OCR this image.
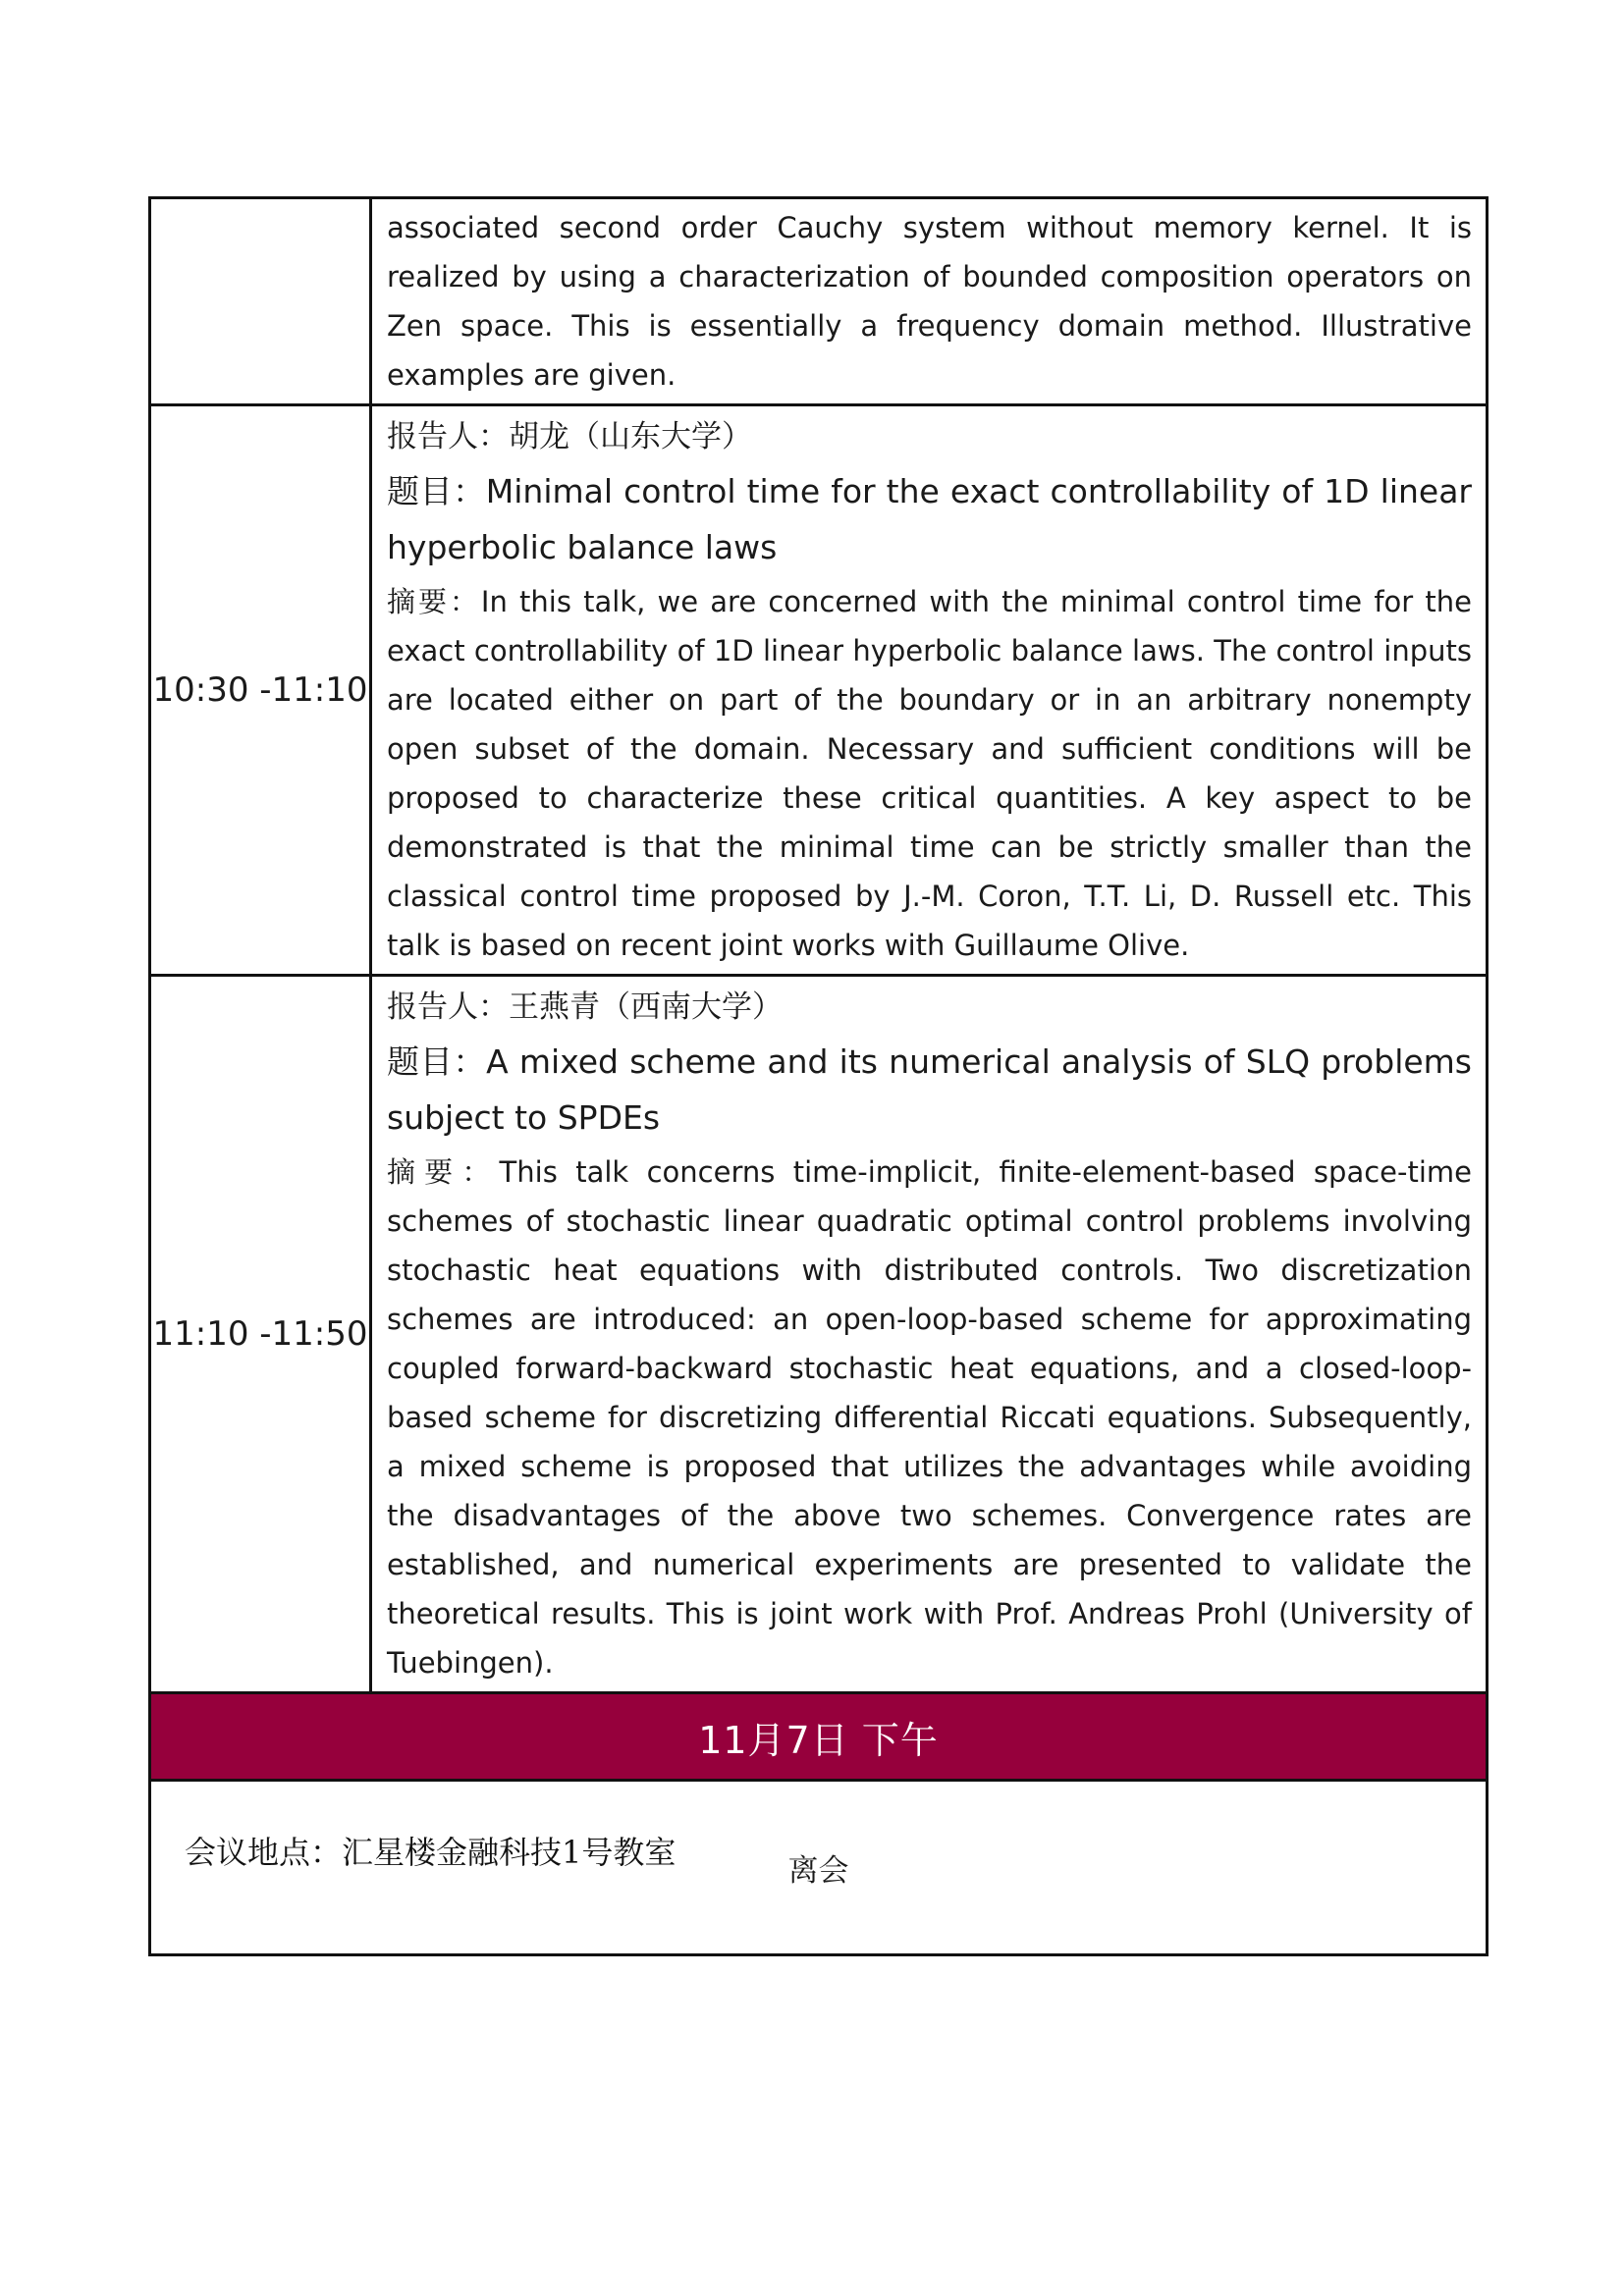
	associated second order Cauchy system without memory kernel. It is realized by using a characterization of bounded composition operators on Zen space. This is essentially a frequency domain method. Illustrative examples are given.

10:30 -11:10	报告人：胡龙（山东大学）

题目：Minimal control time for the exact controllability of 1D linear hyperbolic balance laws

摘要：In this talk, we are concerned with the minimal control time for the exact controllability of 1D linear hyperbolic balance laws. The control inputs are located either on part of the boundary or in an arbitrary nonempty open subset of the domain. Necessary and sufficient conditions will be proposed to characterize these critical quantities. A key aspect to be demonstrated is that the minimal time can be strictly smaller than the classical control time proposed by J.-M. Coron, T.T. Li, D. Russell etc. This talk is based on recent joint works with Guillaume Olive.

11:10 -11:50	报告人：王燕青（西南大学）

题目：A mixed scheme and its numerical analysis of SLQ problems subject to SPDEs

摘要：This talk concerns time-implicit, finite-element-based space-time schemes of stochastic linear quadratic optimal control problems involving stochastic heat equations with distributed controls. Two discretization schemes are introduced: an open-loop-based scheme for approximating coupled forward-backward stochastic heat equations, and a closed-loop-based scheme for discretizing differential Riccati equations. Subsequently, a mixed scheme is proposed that utilizes the advantages while avoiding the disadvantages of the above two schemes. Convergence rates are established, and numerical experiments are presented to validate the theoretical results. This is joint work with Prof. Andreas Prohl (University of Tuebingen).

11月7日 下午	
离会	
会议地点：汇星楼金融科技1号教室
